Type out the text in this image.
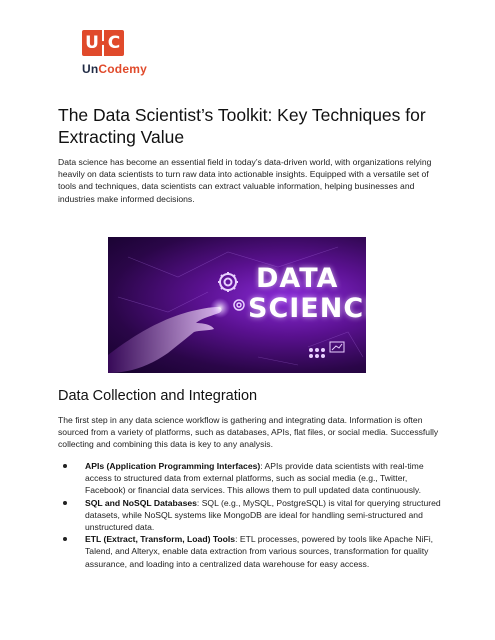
U C
UnCodemy
The Data Scientist’s Toolkit: Key Techniques for Extracting Value

Data science has become an essential field in today’s data-driven world, with organizations relying heavily on data scientists to turn raw data into actionable insights. Equipped with a versatile set of tools and techniques, data scientists can extract valuable information, helping businesses and industries make informed decisions.

DATA
SCIENCE
Data Collection and Integration

The first step in any data science workflow is gathering and integrating data. Information is often sourced from a variety of platforms, such as databases, APIs, flat files, or social media. Successfully collecting and combining this data is key to any analysis.

APIs (Application Programming Interfaces): APIs provide data scientists with real-time access to structured data from external platforms, such as social media (e.g., Twitter, Facebook) or financial data services. This allows them to pull updated data continuously.
SQL and NoSQL Databases: SQL (e.g., MySQL, PostgreSQL) is vital for querying structured datasets, while NoSQL systems like MongoDB are ideal for handling semi-structured and unstructured data.
ETL (Extract, Transform, Load) Tools: ETL processes, powered by tools like Apache NiFi, Talend, and Alteryx, enable data extraction from various sources, transformation for quality assurance, and loading into a centralized data warehouse for easy access.
